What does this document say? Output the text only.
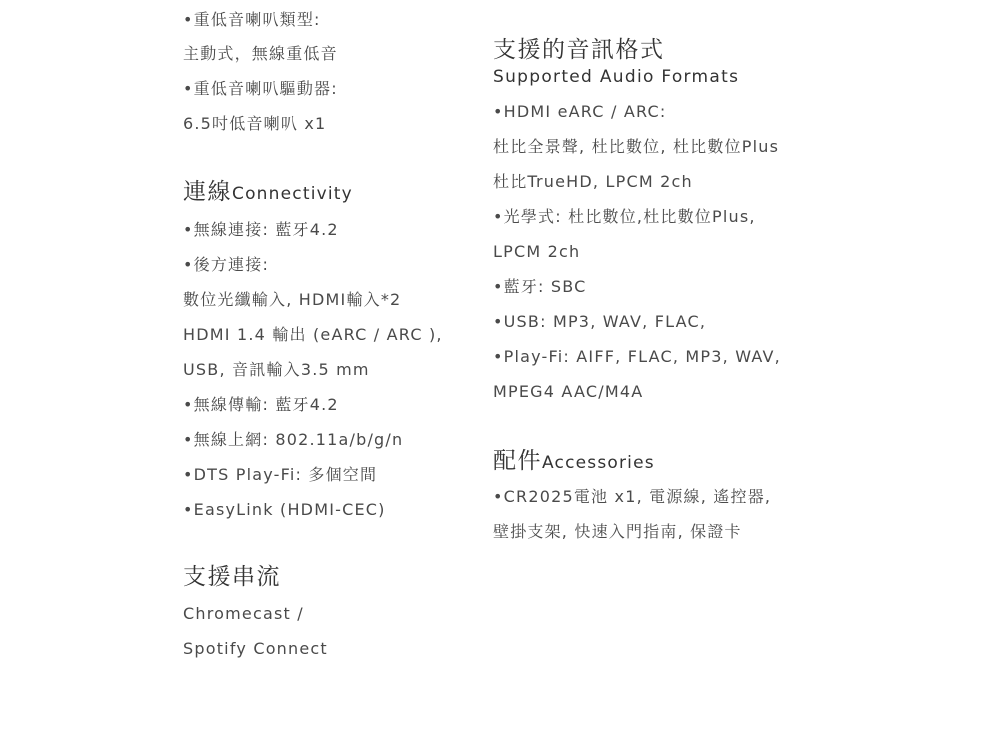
•重低音喇叭類型:
主動式，無線重低音
•重低音喇叭驅動器:
6.5吋低音喇叭 x1
連線Connectivity
•無線連接: 藍牙4.2
•後方連接:
數位光纖輸入, HDMI輸入*2
HDMI 1.4 輸出 (eARC / ARC ),
USB, 音訊輸入3.5 mm
•無線傳輸: 藍牙4.2
•無線上網: 802.11a/b/g/n
•DTS Play-Fi: 多個空間
•EasyLink (HDMI-CEC)
支援串流
Chromecast /
Spotify Connect
支援的音訊格式
Supported Audio Formats
•HDMI eARC / ARC:
杜比全景聲, 杜比數位, 杜比數位Plus
杜比TrueHD, LPCM 2ch
•光學式: 杜比數位,杜比數位Plus,
LPCM 2ch
•藍牙: SBC
•USB: MP3, WAV, FLAC,
•Play-Fi: AIFF, FLAC, MP3, WAV,
MPEG4 AAC/M4A
配件Accessories
•CR2025電池 x1, 電源線, 遙控器,
壁掛支架, 快速入門指南, 保證卡
